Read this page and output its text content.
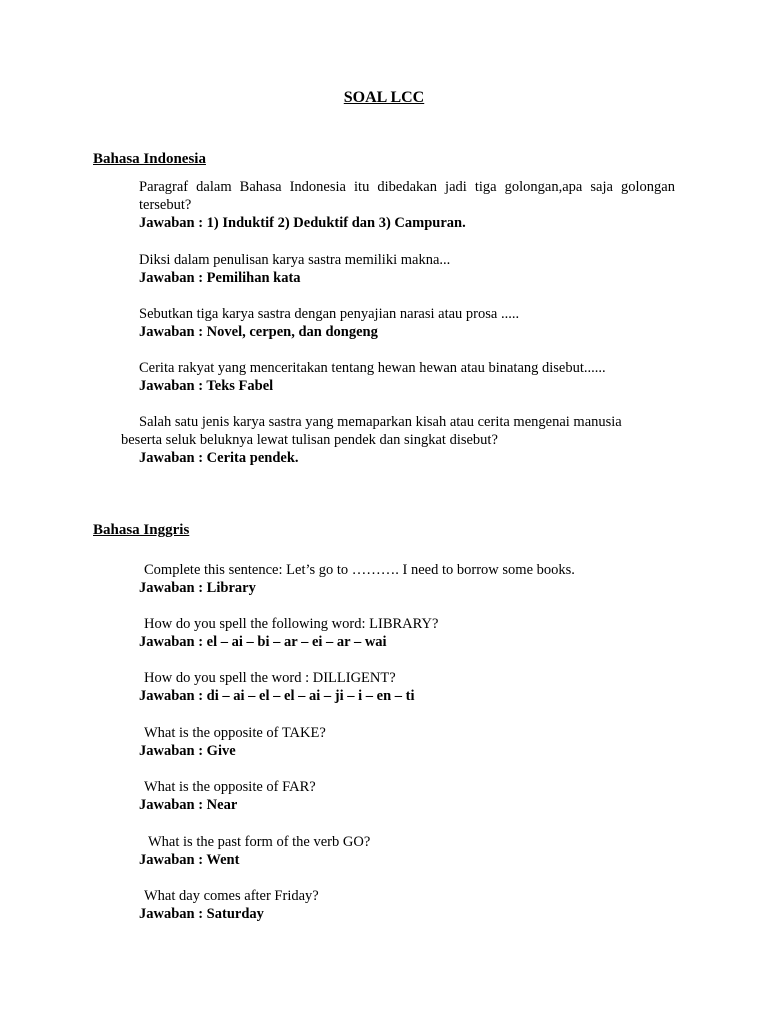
SOAL LCC
Bahasa Indonesia

Paragraf dalam Bahasa Indonesia itu dibedakan jadi tiga golongan,apa saja golongan

tersebut?

Jawaban : 1) Induktif 2) Deduktif dan 3) Campuran.

Diksi dalam penulisan karya sastra memiliki makna...

Jawaban : Pemilihan kata

Sebutkan tiga karya sastra dengan penyajian narasi atau prosa .....

Jawaban : Novel, cerpen, dan dongeng

Cerita rakyat yang menceritakan tentang hewan hewan atau binatang disebut......

Jawaban : Teks Fabel

Salah satu jenis karya sastra yang memaparkan kisah atau cerita mengenai manusia

beserta seluk beluknya lewat tulisan pendek dan singkat disebut?

Jawaban : Cerita pendek.

Bahasa Inggris

Complete this sentence: Let’s go to ………. I need to borrow some books.

Jawaban : Library

How do you spell the following word: LIBRARY?

Jawaban : el – ai – bi – ar – ei – ar – wai

How do you spell the word : DILLIGENT?

Jawaban : di – ai – el – el – ai – ji – i – en – ti

What is the opposite of TAKE?

Jawaban : Give

What is the opposite of FAR?

Jawaban : Near

What is the past form of the verb GO?

Jawaban : Went

What day comes after Friday?

Jawaban : Saturday
